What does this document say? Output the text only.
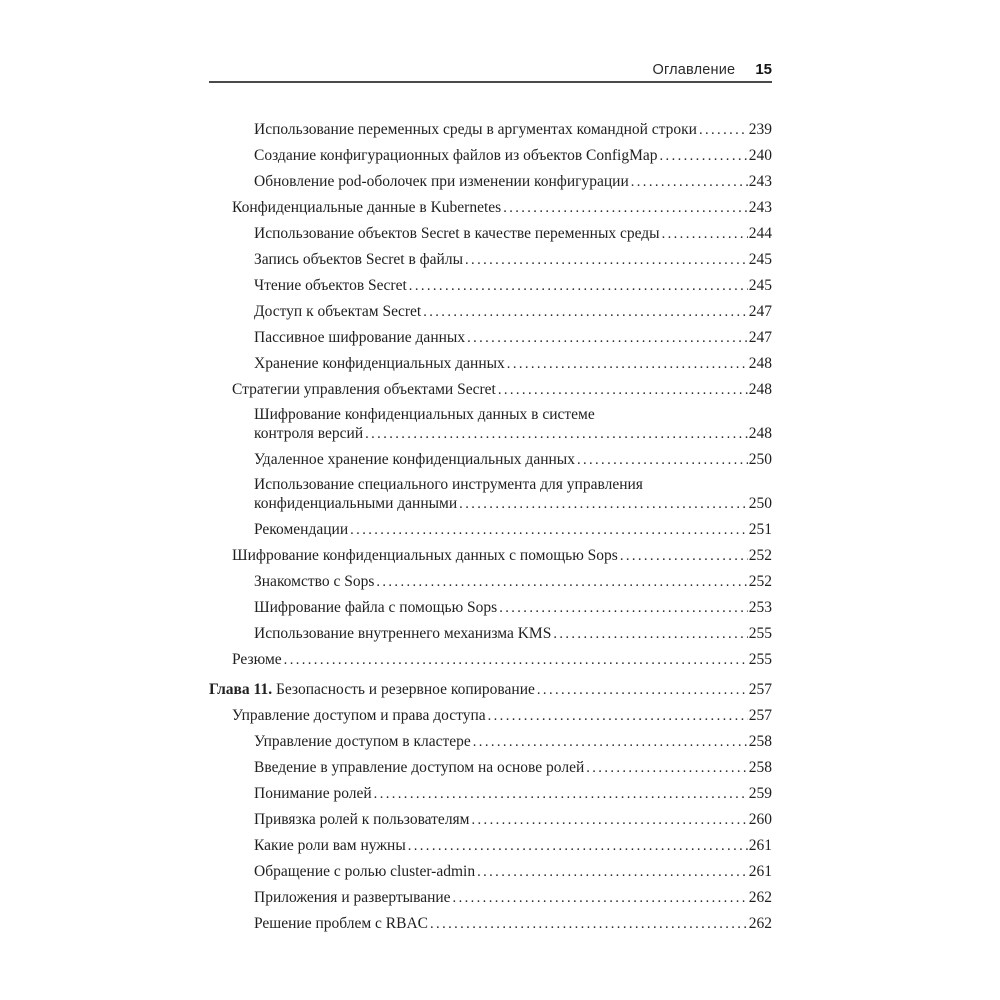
Оглавление 15
Использование переменных среды в аргументах командной строки .....	239
Создание конфигурационных файлов из объектов ConfigMap .....	240
Обновление pod-оболочек при изменении конфигурации .....	243
Конфиденциальные данные в Kubernetes .....	243
Использование объектов Secret в качестве переменных среды .....	244
Запись объектов Secret в файлы .....	245
Чтение объектов Secret .....	245
Доступ к объектам Secret .....	247
Пассивное шифрование данных .....	247
Хранение конфиденциальных данных .....	248
Стратегии управления объектами Secret .....	248
Шифрование конфиденциальных данных в системе
контроля версий .....	248
Удаленное хранение конфиденциальных данных .....	250
Использование специального инструмента для управления
конфиденциальными данными .....	250
Рекомендации .....	251
Шифрование конфиденциальных данных с помощью Sops .....	252
Знакомство с Sops .....	252
Шифрование файла с помощью Sops .....	253
Использование внутреннего механизма KMS .....	255
Резюме .....	255
Глава 11. Безопасность и резервное копирование .....	257
Управление доступом и права доступа .....	257
Управление доступом в кластере .....	258
Введение в управление доступом на основе ролей .....	258
Понимание ролей .....	259
Привязка ролей к пользователям .....	260
Какие роли вам нужны .....	261
Обращение с ролью cluster-admin .....	261
Приложения и развертывание .....	262
Решение проблем с RBAC .....	262
